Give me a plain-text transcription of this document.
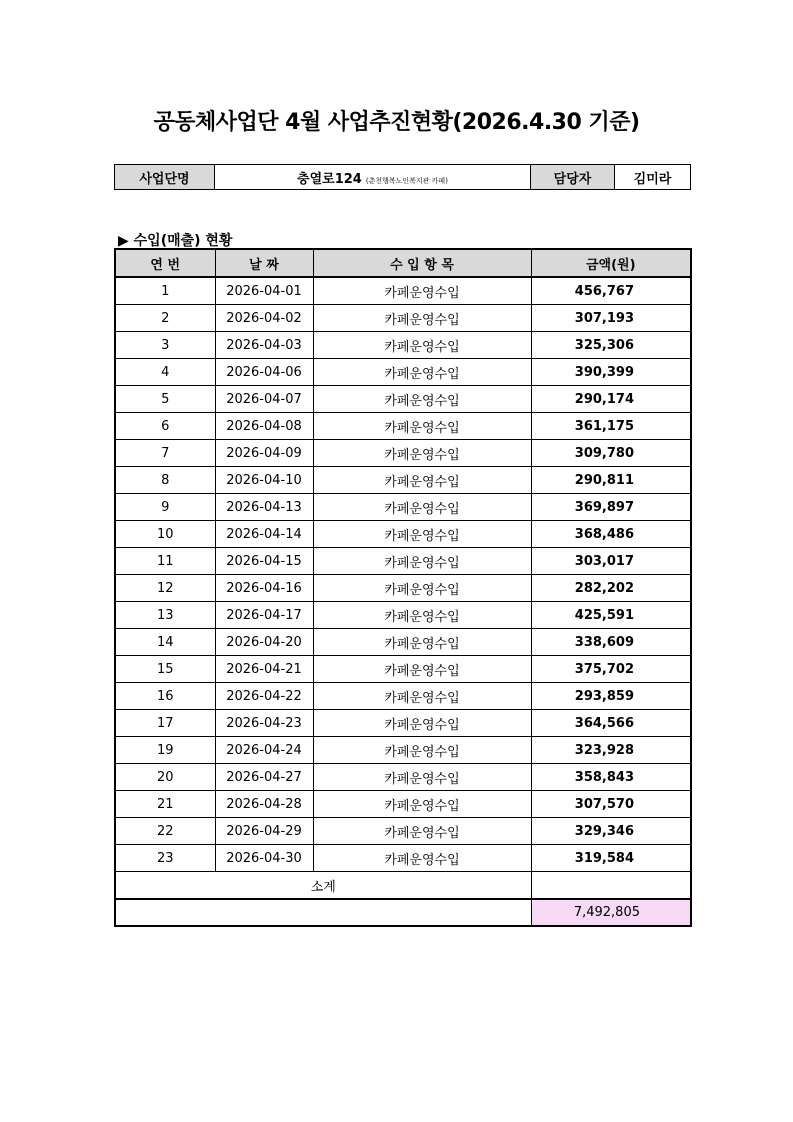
공동체사업단 4월 사업추진현황(2026.4.30 기준)
사업단명	충열로124 (춘천행복노인복지관 카페)	담당자	김미라
▶ 수입(매출) 현황
연 번	날 짜	수 입 항 목	금액(원)
1	2026-04-01	카페운영수입	456,767
2	2026-04-02	카페운영수입	307,193
3	2026-04-03	카페운영수입	325,306
4	2026-04-06	카페운영수입	390,399
5	2026-04-07	카페운영수입	290,174
6	2026-04-08	카페운영수입	361,175
7	2026-04-09	카페운영수입	309,780
8	2026-04-10	카페운영수입	290,811
9	2026-04-13	카페운영수입	369,897
10	2026-04-14	카페운영수입	368,486
11	2026-04-15	카페운영수입	303,017
12	2026-04-16	카페운영수입	282,202
13	2026-04-17	카페운영수입	425,591
14	2026-04-20	카페운영수입	338,609
15	2026-04-21	카페운영수입	375,702
16	2026-04-22	카페운영수입	293,859
17	2026-04-23	카페운영수입	364,566
19	2026-04-24	카페운영수입	323,928
20	2026-04-27	카페운영수입	358,843
21	2026-04-28	카페운영수입	307,570
22	2026-04-29	카페운영수입	329,346
23	2026-04-30	카페운영수입	319,584
소계			
			7,492,805
